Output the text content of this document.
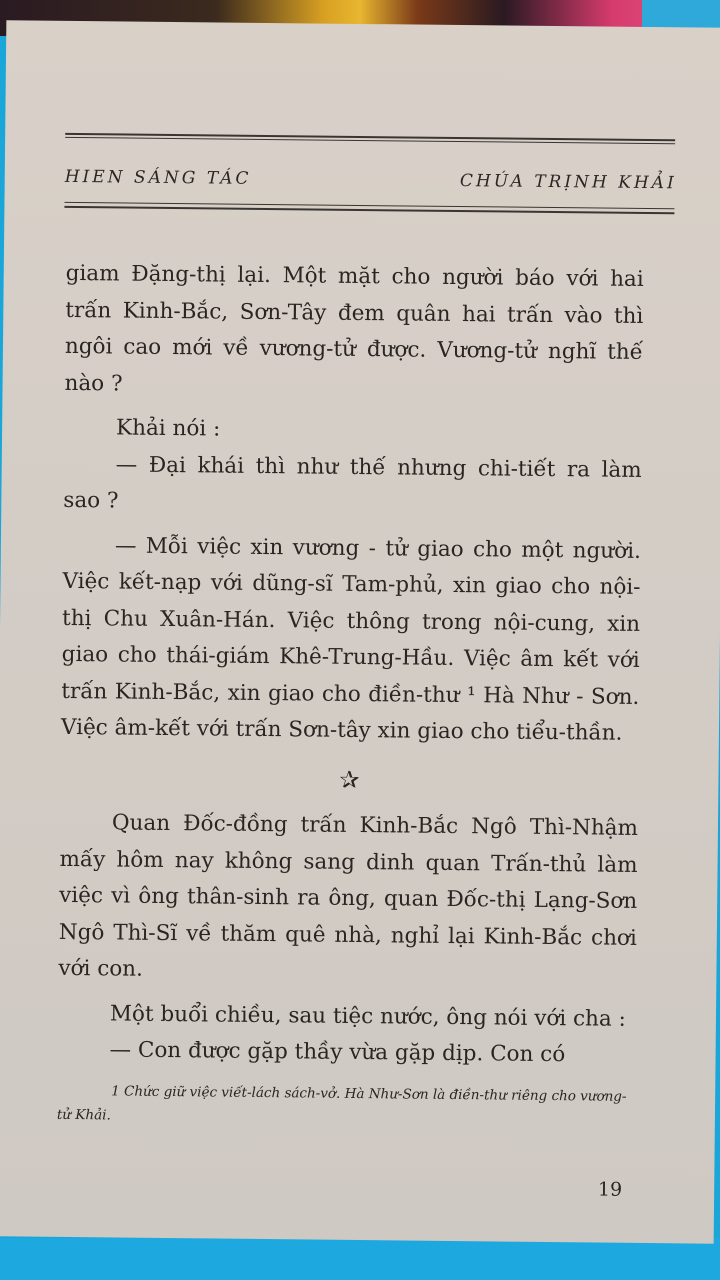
HIEN SÁNG TÁC	CHÚA TRỊNH KHẢI

giam Đặng-thị lại. Một mặt cho người báo với hai trấn Kinh-Bắc, Sơn-Tây đem quân hai trấn vào thì ngôi cao mới về vương-tử được. Vương-tử nghĩ thế nào ?

Khải nói :

— Đại khái thì như thế nhưng chi-tiết ra làm sao ?

— Mỗi việc xin vương - tử giao cho một người. Việc kết-nạp với dũng-sĩ Tam-phủ, xin giao cho nội-thị Chu Xuân-Hán. Việc thông trong nội-cung, xin giao cho thái-giám Khê-Trung-Hầu. Việc âm kết với trấn Kinh-Bắc, xin giao cho điền-thư ¹ Hà Như - Sơn. Việc âm-kết với trấn Sơn-tây xin giao cho tiểu-thần.

✰

Quan Đốc-đồng trấn Kinh-Bắc Ngô Thì-Nhậm mấy hôm nay không sang dinh quan Trấn-thủ làm việc vì ông thân-sinh ra ông, quan Đốc-thị Lạng-Sơn Ngô Thì-Sĩ về thăm quê nhà, nghỉ lại Kinh-Bắc chơi với con.

Một buổi chiều, sau tiệc nước, ông nói với cha :

— Con được gặp thầy vừa gặp dịp. Con có

1 Chức giữ việc viết-lách sách-vở. Hà Như-Sơn là điền-thư riêng cho vương-tử Khải.

19
